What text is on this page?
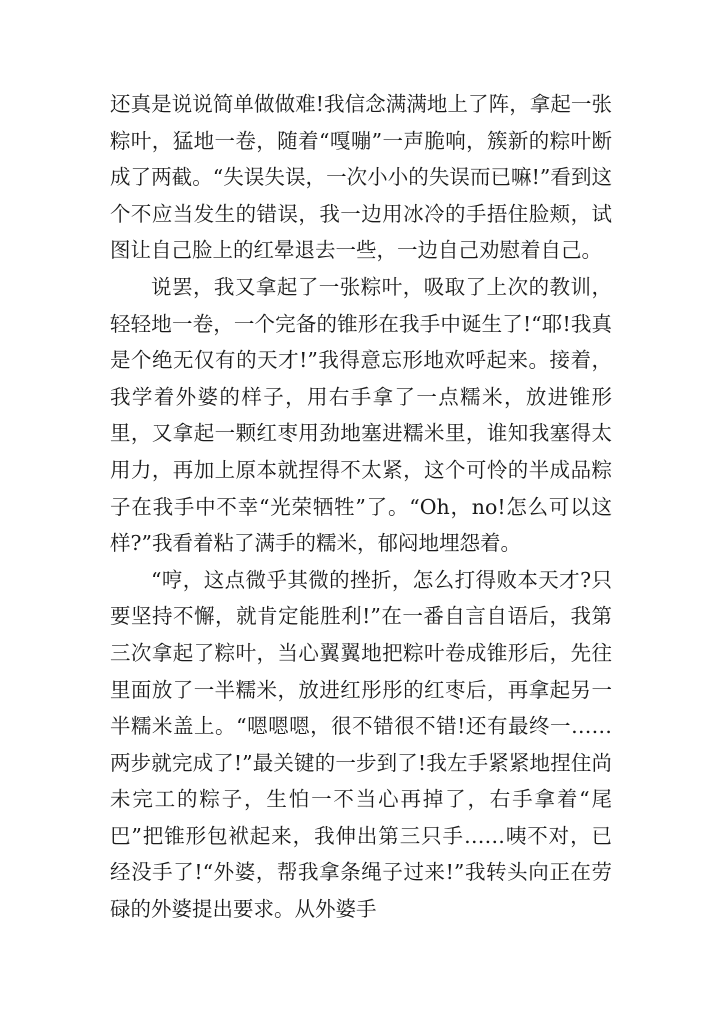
还真是说说简单做做难!我信念满满地上了阵，拿起一张粽叶，猛地一卷，随着“嘎嘣”一声脆响，簇新的粽叶断成了两截。“失误失误，一次小小的失误而已嘛!”看到这个不应当发生的错误，我一边用冰冷的手捂住脸颊，试图让自己脸上的红晕退去一些，一边自己劝慰着自己。

说罢，我又拿起了一张粽叶，吸取了上次的教训，轻轻地一卷，一个完备的锥形在我手中诞生了!“耶!我真是个绝无仅有的天才!”我得意忘形地欢呼起来。接着，我学着外婆的样子，用右手拿了一点糯米，放进锥形里，又拿起一颗红枣用劲地塞进糯米里，谁知我塞得太用力，再加上原本就捏得不太紧，这个可怜的半成品粽子在我手中不幸“光荣牺牲”了。“Oh，no!怎么可以这样?”我看着粘了满手的糯米，郁闷地埋怨着。

“哼，这点微乎其微的挫折，怎么打得败本天才?只要坚持不懈，就肯定能胜利!”在一番自言自语后，我第三次拿起了粽叶，当心翼翼地把粽叶卷成锥形后，先往里面放了一半糯米，放进红彤彤的红枣后，再拿起另一半糯米盖上。“嗯嗯嗯，很不错很不错!还有最终一……两步就完成了!”最关键的一步到了!我左手紧紧地捏住尚未完工的粽子，生怕一不当心再掉了，右手拿着“尾巴”把锥形包袱起来，我伸出第三只手……咦不对，已经没手了!“外婆，帮我拿条绳子过来!”我转头向正在劳碌的外婆提出要求。从外婆手
